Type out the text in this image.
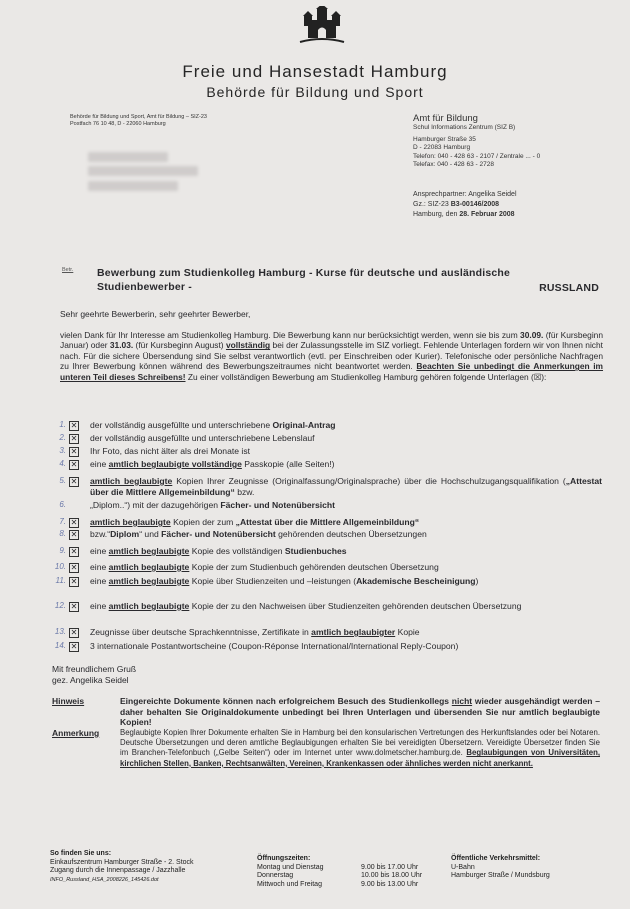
Freie und Hansestadt Hamburg
Behörde für Bildung und Sport
Behörde für Bildung und Sport, Amt für Bildung – SIZ-23
Postfach 76 10 48, D - 22060 Hamburg	Amt für Bildung
Schul Informations Zentrum (SIZ B)
Hamburger Straße 35
D - 22083 Hamburg
Telefon: 040 - 428 63 - 2107 / Zentrale ... - 0
Telefax: 040 - 428 63 - 2728
Ansprechpartner: Angelika Seidel
Gz.: SIZ-23 B3-00146/2008
Hamburg, den 28. Februar 2008
Betr. Bewerbung zum Studienkolleg Hamburg - Kurse für deutsche und ausländische
Studienbewerber -	RUSSLAND
Sehr geehrte Bewerberin, sehr geehrter Bewerber,
vielen Dank für Ihr Interesse am Studienkolleg Hamburg. Die Bewerbung kann nur berücksichtigt werden, wenn sie bis zum 30.09. (für Kursbeginn Januar) oder 31.03. (für Kursbeginn August) vollständig bei der Zulassungsstelle im SIZ vorliegt. Fehlende Unterlagen fordern wir von Ihnen nicht nach. Für die sichere Übersendung sind Sie selbst verantwortlich (evtl. per Einschreiben oder Kurier). Telefonische oder persönliche Nachfragen zu Ihrer Bewerbung können während des Bewerbungszeitraumes nicht beantwortet werden. Beachten Sie unbedingt die Anmerkungen im unteren Teil dieses Schreibens! Zu einer vollständigen Bewerbung am Studienkolleg Hamburg gehören folgende Unterlagen (☒):
1. ✕ der vollständig ausgefüllte und unterschriebene Original-Antrag
2. ✕ der vollständig ausgefüllte und unterschriebene Lebenslauf
3. ✕ Ihr Foto, das nicht älter als drei Monate ist
4. ✕ eine amtlich beglaubigte vollständige Passkopie (alle Seiten!)
5. ✕ amtlich beglaubigte Kopien Ihrer Zeugnisse (Originalfassung/Originalsprache) über die Hochschulzugangsqualifikation („Attestat über die Mittlere Allgemeinbildung“ bzw.
6.	„Diplom..“) mit der dazugehörigen Fächer- und Notenübersicht
7. ✕ amtlich beglaubigte Kopien der zum „Attestat über die Mittlere Allgemeinbildung“
8. ✕ bzw.“Diplom“ und Fächer- und Notenübersicht gehörenden deutschen Übersetzungen
9. ✕ eine amtlich beglaubigte Kopie des vollständigen Studienbuches
10. ✕ eine amtlich beglaubigte Kopie der zum Studienbuch gehörenden deutschen Übersetzung
11. ✕ eine amtlich beglaubigte Kopie über Studienzeiten und –leistungen (Akademische Bescheinigung)
12. ✕ eine amtlich beglaubigte Kopie der zu den Nachweisen über Studienzeiten gehörenden deutschen Übersetzung
13. ✕ Zeugnisse über deutsche Sprachkenntnisse, Zertifikate in amtlich beglaubigter Kopie
14. ✕ 3 internationale Postantwortscheine (Coupon-Réponse International/International Reply-Coupon)
Mit freundlichem Gruß
gez. Angelika Seidel
Hinweis	Eingereichte Dokumente können nach erfolgreichem Besuch des Studienkollegs nicht wieder ausgehändigt werden – daher behalten Sie Originaldokumente unbedingt bei Ihren Unterlagen und übersenden Sie nur amtlich beglaubigte Kopien!
Anmerkung	Beglaubigte Kopien Ihrer Dokumente erhalten Sie in Hamburg bei den konsularischen Vertretungen des Herkunftslandes oder bei Notaren. Deutsche Übersetzungen und deren amtliche Beglaubigungen erhalten Sie bei vereidigten Übersetzern. Vereidigte Übersetzer finden Sie im Branchen-Telefonbuch („Gelbe Seiten“) oder im Internet unter www.dolmetscher.hamburg.de. Beglaubigungen von Universitäten, kirchlichen Stellen, Banken, Rechtsanwälten, Vereinen, Krankenkassen oder ähnliches werden nicht anerkannt.
So finden Sie uns:
Einkaufszentrum Hamburger Straße - 2. Stock
Zugang durch die Innenpassage / Jazzhalle
INFO_Russland_HSA_2008226_145426.dot
Öffnungszeiten:
Montag und Dienstag	9.00 bis 17.00 Uhr
Donnerstag	10.00 bis 18.00 Uhr
Mittwoch und Freitag	9.00 bis 13.00 Uhr
Öffentliche Verkehrsmittel:
U-Bahn
Hamburger Straße / Mundsburg
